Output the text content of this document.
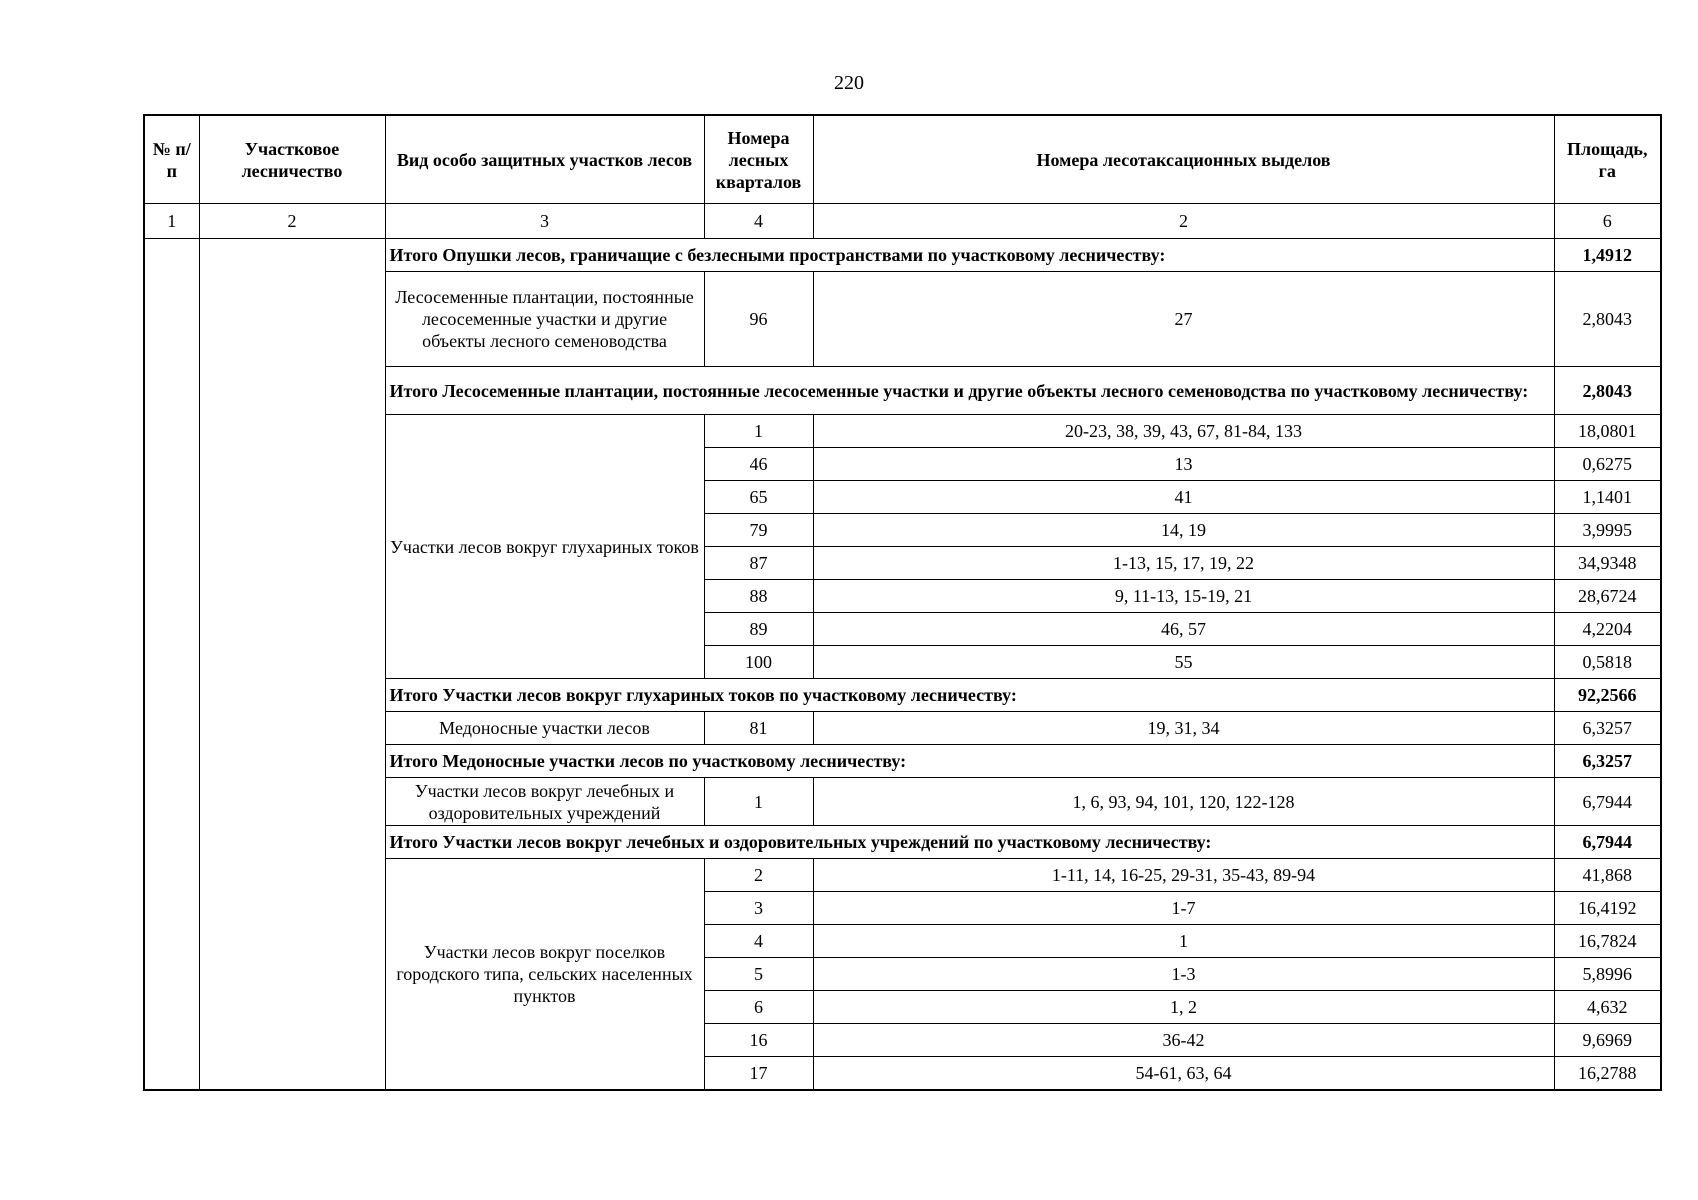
220
№ п/п	Участковое лесничество	Вид особо защитных участков лесов	Номера лесных кварталов	Номера лесотаксационных выделов	Площадь, га
1	2	3	4	2	6
		Итого Опушки лесов, граничащие с безлесными пространствами по участковому лесничеству:			1,4912
		Лесосеменные плантации, постоянные лесосеменные участки и другие объекты лесного семеноводства	96	27	2,8043
		Итого Лесосеменные плантации, постоянные лесосеменные участки и другие объекты лесного семеноводства по участковому лесничеству:			2,8043
		Участки лесов вокруг глухариных токов	1	20-23, 38, 39, 43, 67, 81-84, 133	18,0801
			46	13	0,6275
			65	41	1,1401
			79	14, 19	3,9995
			87	1-13, 15, 17, 19, 22	34,9348
			88	9, 11-13, 15-19, 21	28,6724
			89	46, 57	4,2204
			100	55	0,5818
		Итого Участки лесов вокруг глухариных токов по участковому лесничеству:			92,2566
		Медоносные участки лесов	81	19, 31, 34	6,3257
		Итого Медоносные участки лесов по участковому лесничеству:			6,3257
		Участки лесов вокруг лечебных и оздоровительных учреждений	1	1, 6, 93, 94, 101, 120, 122-128	6,7944
		Итого Участки лесов вокруг лечебных и оздоровительных учреждений по участковому лесничеству:			6,7944
		Участки лесов вокруг поселков городского типа, сельских населенных пунктов	2	1-11, 14, 16-25, 29-31, 35-43, 89-94	41,868
			3	1-7	16,4192
			4	1	16,7824
			5	1-3	5,8996
			6	1, 2	4,632
			16	36-42	9,6969
			17	54-61, 63, 64	16,2788
